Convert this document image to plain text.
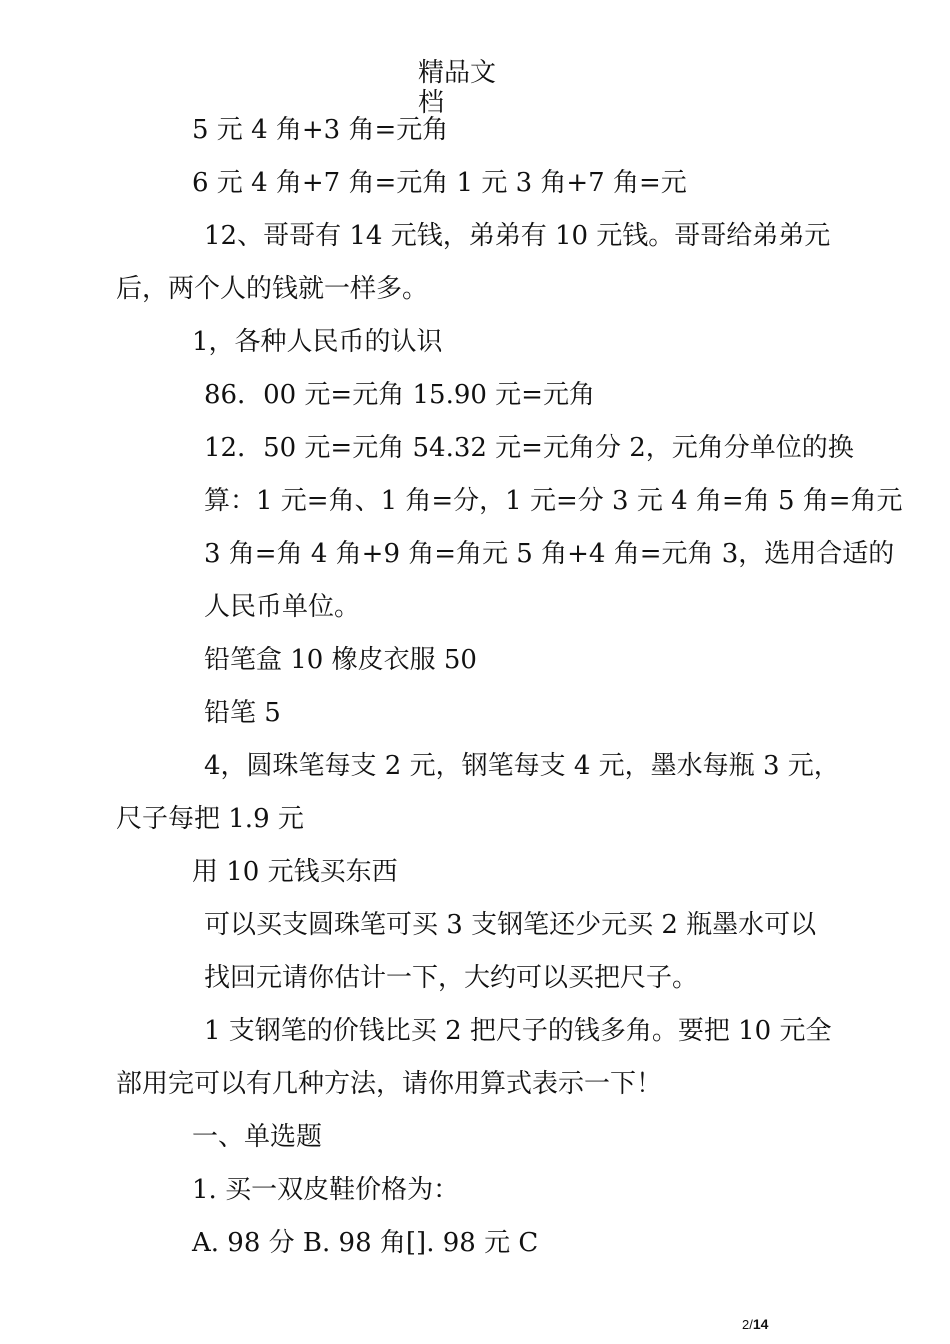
精品文
档
5 元 4 角+3 角=元角
6 元 4 角+7 角=元角 1 元 3 角+7 角=元
12、哥哥有 14 元钱，弟弟有 10 元钱。哥哥给弟弟元
后，两个人的钱就一样多。
1，各种人民币的认识
86．00 元=元角 15.90 元=元角
12．50 元=元角 54.32 元=元角分 2，元角分单位的换
算：1 元=角、1 角=分，1 元=分 3 元 4 角=角 5 角=角元
3 角=角 4 角+9 角=角元 5 角+4 角=元角 3，选用合适的
人民币单位。
铅笔盒 10 橡皮衣服 50
铅笔 5
4，圆珠笔每支 2 元，钢笔每支 4 元，墨水每瓶 3 元，
尺子每把 1.9 元
用 10 元钱买东西
可以买支圆珠笔可买 3 支钢笔还少元买 2 瓶墨水可以
找回元请你估计一下，大约可以买把尺子。
1 支钢笔的价钱比买 2 把尺子的钱多角。要把 10 元全
部用完可以有几种方法，请你用算式表示一下！
一、单选题
1. 买一双皮鞋价格为：
A. 98 分 B. 98 角[]. 98 元 C
2/14
